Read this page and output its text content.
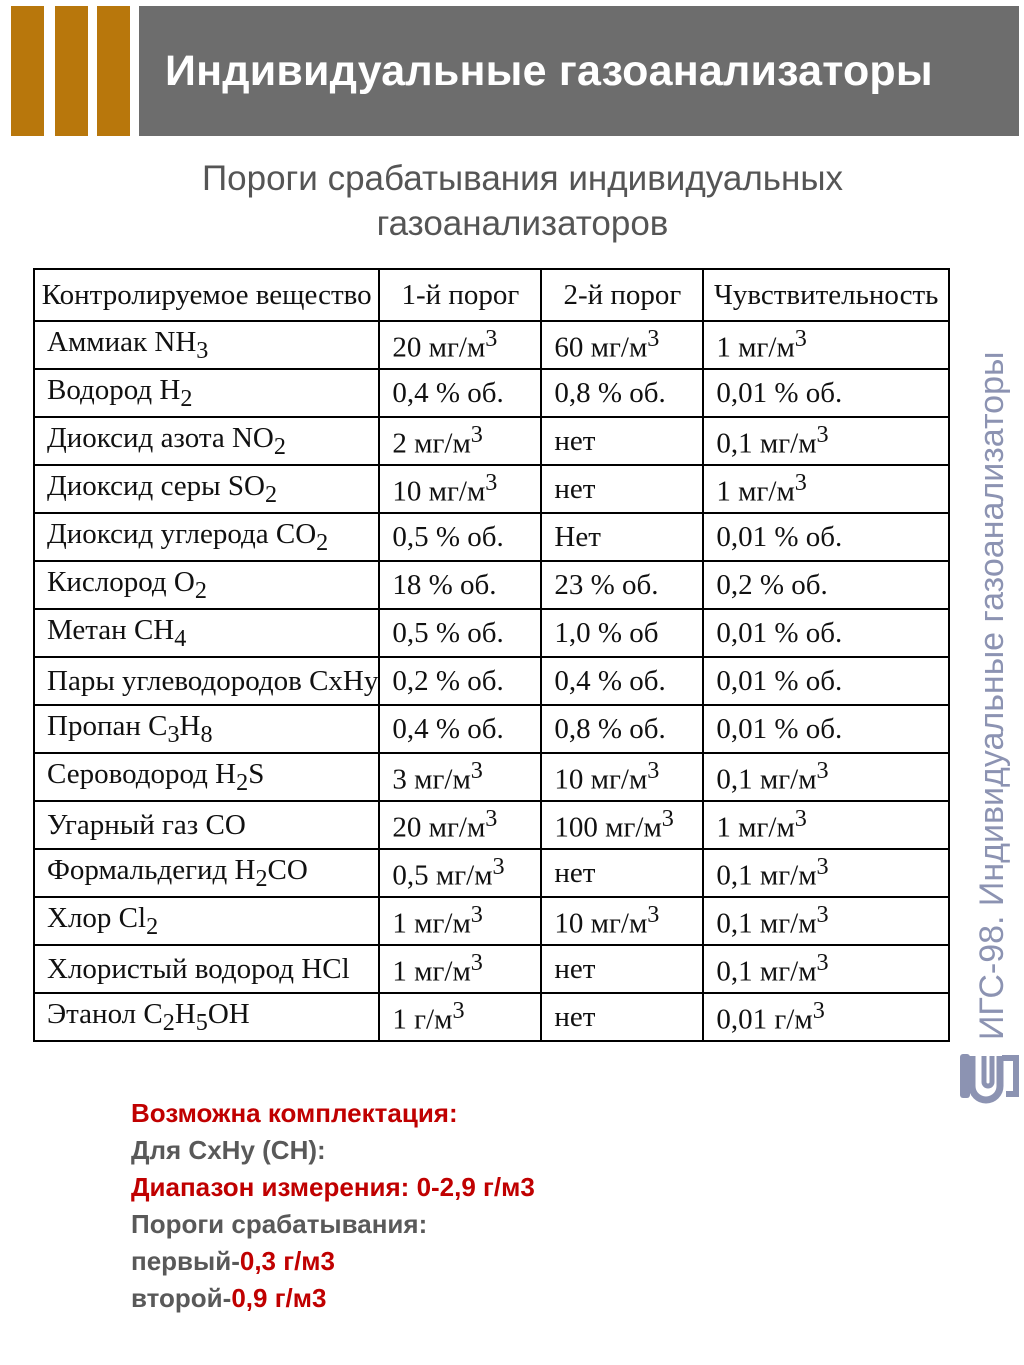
Индивидуальные газоанализаторы
Пороги срабатывания индивидуальных
газоанализаторов
Контролируемое вещество	1-й порог	2-й порог	Чувствительность
Аммиак $NH_3$	20 $мг/м^3$	60 $мг/м^3$	1 $мг/м^3$
Водород $H_2$	0,4 % об.	0,8 % об.	0,01 % об.
Диоксид азота $NO_2$	2 $мг/м^3$	нет	0,1 $мг/м^3$
Диоксид серы $SO_2$	10 $мг/м^3$	нет	1 $мг/м^3$
Диоксид углерода $CO_2$	0,5 % об.	Нет	0,01 % об.
Кислород $O_2$	18 % об.	23 % об.	0,2 % об.
Метан $CH_4$	0,5 % об.	1,0 % об	0,01 % об.
Пары углеводородов CxHy	0,2 % об.	0,4 % об.	0,01 % об.
Пропан $C_3H_8$	0,4 % об.	0,8 % об.	0,01 % об.
Сероводород $H_2S$	3 $мг/м^3$	10 $мг/м^3$	0,1 $мг/м^3$
Угарный газ CO	20 $мг/м^3$	100 $мг/м^3$	1 $мг/м^3$
Формальдегид $H_2CO$	0,5 $мг/м^3$	нет	0,1 $мг/м^3$
Хлор $Cl_2$	1 $мг/м^3$	10 $мг/м^3$	0,1 $мг/м^3$
Хлористый водород HCl	1 $мг/м^3$	нет	0,1 $мг/м^3$
Этанол $C_2H_5OH$	1 $г/м^3$	нет	0,01 $г/м^3$	ИГС-98. Индивидуальные газоанализаторы
Возможна комплектация:
Для CxHy (CH):
Диапазон измерения: 0-2,9 г/м3
Пороги срабатывания:
первый-0,3 г/м3
второй-0,9 г/м3
